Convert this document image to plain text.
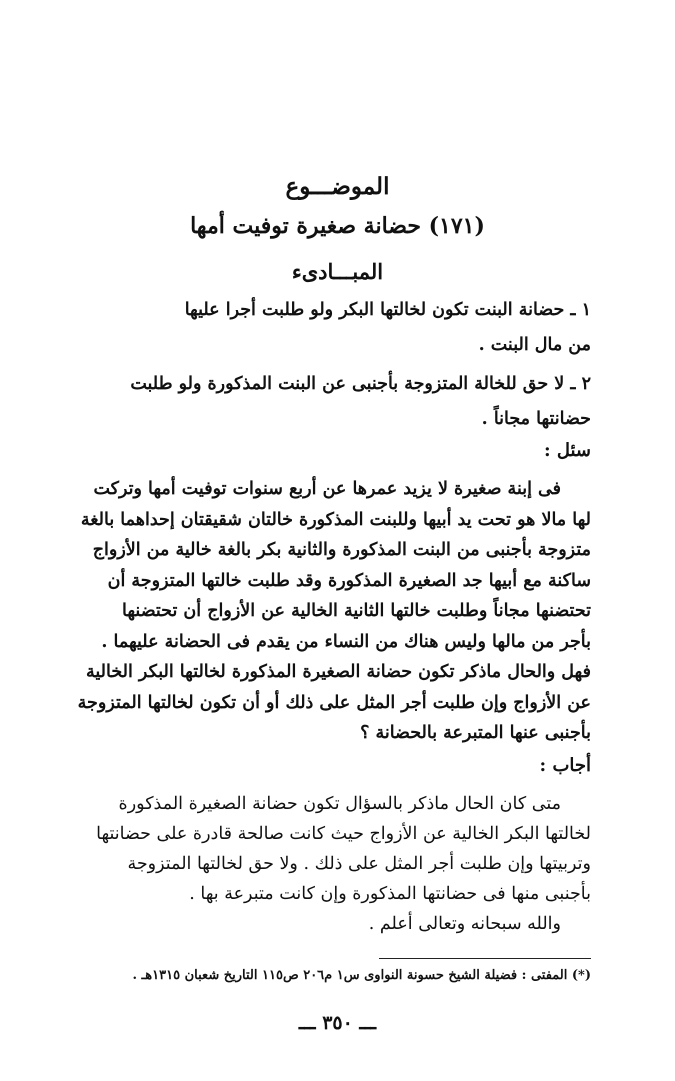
الموضـــوع
(١٧١) حضانة صغيرة توفيت أمها
المبـــادىء
١ ـ حضانة البنت تكون لخالتها البكر ولو طلبت أجرا عليها
من مال البنت .
٢ ـ لا حق للخالة المتزوجة بأجنبى عن البنت المذكورة ولو طلبت
حضانتها مجاناً .
سئل :
فى إبنة صغيرة لا يزيد عمرها عن أربع سنوات توفيت أمها وتركت
لها مالا هو تحت يد أبيها وللبنت المذكورة خالتان شقيقتان إحداهما بالغة
متزوجة بأجنبى من البنت المذكورة والثانية بكر بالغة خالية من الأزواج
ساكنة مع أبيها جد الصغيرة المذكورة وقد طلبت خالتها المتزوجة أن
تحتضنها مجاناً وطلبت خالتها الثانية الخالية عن الأزواج أن تحتضنها
بأجر من مالها وليس هناك من النساء من يقدم فى الحضانة عليهما .
فهل والحال ماذكر تكون حضانة الصغيرة المذكورة لخالتها البكر الخالية
عن الأزواج وإن طلبت أجر المثل على ذلك أو أن تكون لخالتها المتزوجة
بأجنبى عنها المتبرعة بالحضانة ؟
أجاب :
متى كان الحال ماذكر بالسؤال تكون حضانة الصغيرة المذكورة
لخالتها البكر الخالية عن الأزواج حيث كانت صالحة قادرة على حضانتها
وتربيتها وإن طلبت أجر المثل على ذلك . ولا حق لخالتها المتزوجة
بأجنبى منها فى حضانتها المذكورة وإن كانت متبرعة بها .
والله سبحانه وتعالى أعلم .
(*) المفتى : فضيلة الشيخ حسونة النواوى س١ م٢٠٦ ص١١٥ التاريخ شعبان ١٣١٥هـ .
ـــ ٣٥٠ ـــ
